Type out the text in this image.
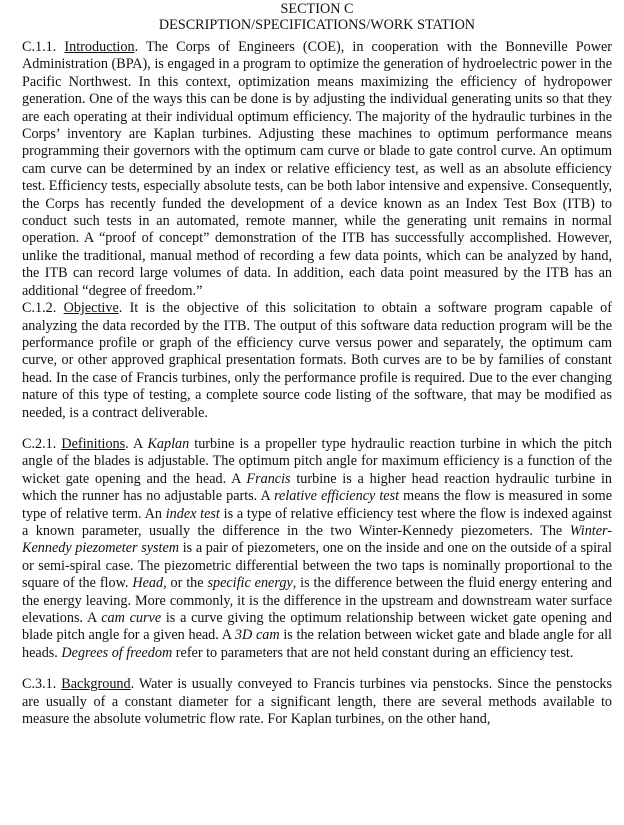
SECTION C
DESCRIPTION/SPECIFICATIONS/WORK STATION

C.1.1. Introduction. The Corps of Engineers (COE), in cooperation with the Bonneville Power Administration (BPA), is engaged in a program to optimize the generation of hydroelectric power in the Pacific Northwest. In this context, optimization means maximizing the efficiency of hydropower generation. One of the ways this can be done is by adjusting the individual generating units so that they are each operating at their individual optimum efficiency. The majority of the hydraulic turbines in the Corps’ inventory are Kaplan turbines. Adjusting these machines to optimum performance means programming their governors with the optimum cam curve or blade to gate control curve. An optimum cam curve can be determined by an index or relative efficiency test, as well as an absolute efficiency test. Efficiency tests, especially absolute tests, can be both labor intensive and expensive. Consequently, the Corps has recently funded the development of a device known as an Index Test Box (ITB) to conduct such tests in an automated, remote manner, while the generating unit remains in normal operation. A “proof of concept” demonstration of the ITB has successfully accomplished. However, unlike the traditional, manual method of recording a few data points, which can be analyzed by hand, the ITB can record large volumes of data. In addition, each data point measured by the ITB has an additional “degree of freedom.”

C.1.2. Objective. It is the objective of this solicitation to obtain a software program capable of analyzing the data recorded by the ITB. The output of this software data reduction program will be the performance profile or graph of the efficiency curve versus power and separately, the optimum cam curve, or other approved graphical presentation formats. Both curves are to be by families of constant head. In the case of Francis turbines, only the performance profile is required. Due to the ever changing nature of this type of testing, a complete source code listing of the software, that may be modified as needed, is a contract deliverable.

C.2.1. Definitions. A Kaplan turbine is a propeller type hydraulic reaction turbine in which the pitch angle of the blades is adjustable. The optimum pitch angle for maximum efficiency is a function of the wicket gate opening and the head. A Francis turbine is a higher head reaction hydraulic turbine in which the runner has no adjustable parts. A relative efficiency test means the flow is measured in some type of relative term. An index test is a type of relative efficiency test where the flow is indexed against a known parameter, usually the difference in the two Winter-Kennedy piezometers. The Winter-Kennedy piezometer system is a pair of piezometers, one on the inside and one on the outside of a spiral or semi-spiral case. The piezometric differential between the two taps is nominally proportional to the square of the flow. Head, or the specific energy, is the difference between the fluid energy entering and the energy leaving. More commonly, it is the difference in the upstream and downstream water surface elevations. A cam curve is a curve giving the optimum relationship between wicket gate opening and blade pitch angle for a given head. A 3D cam is the relation between wicket gate and blade angle for all heads. Degrees of freedom refer to parameters that are not held constant during an efficiency test.

C.3.1. Background. Water is usually conveyed to Francis turbines via penstocks. Since the penstocks are usually of a constant diameter for a significant length, there are several methods available to measure the absolute volumetric flow rate. For Kaplan turbines, on the other hand,
